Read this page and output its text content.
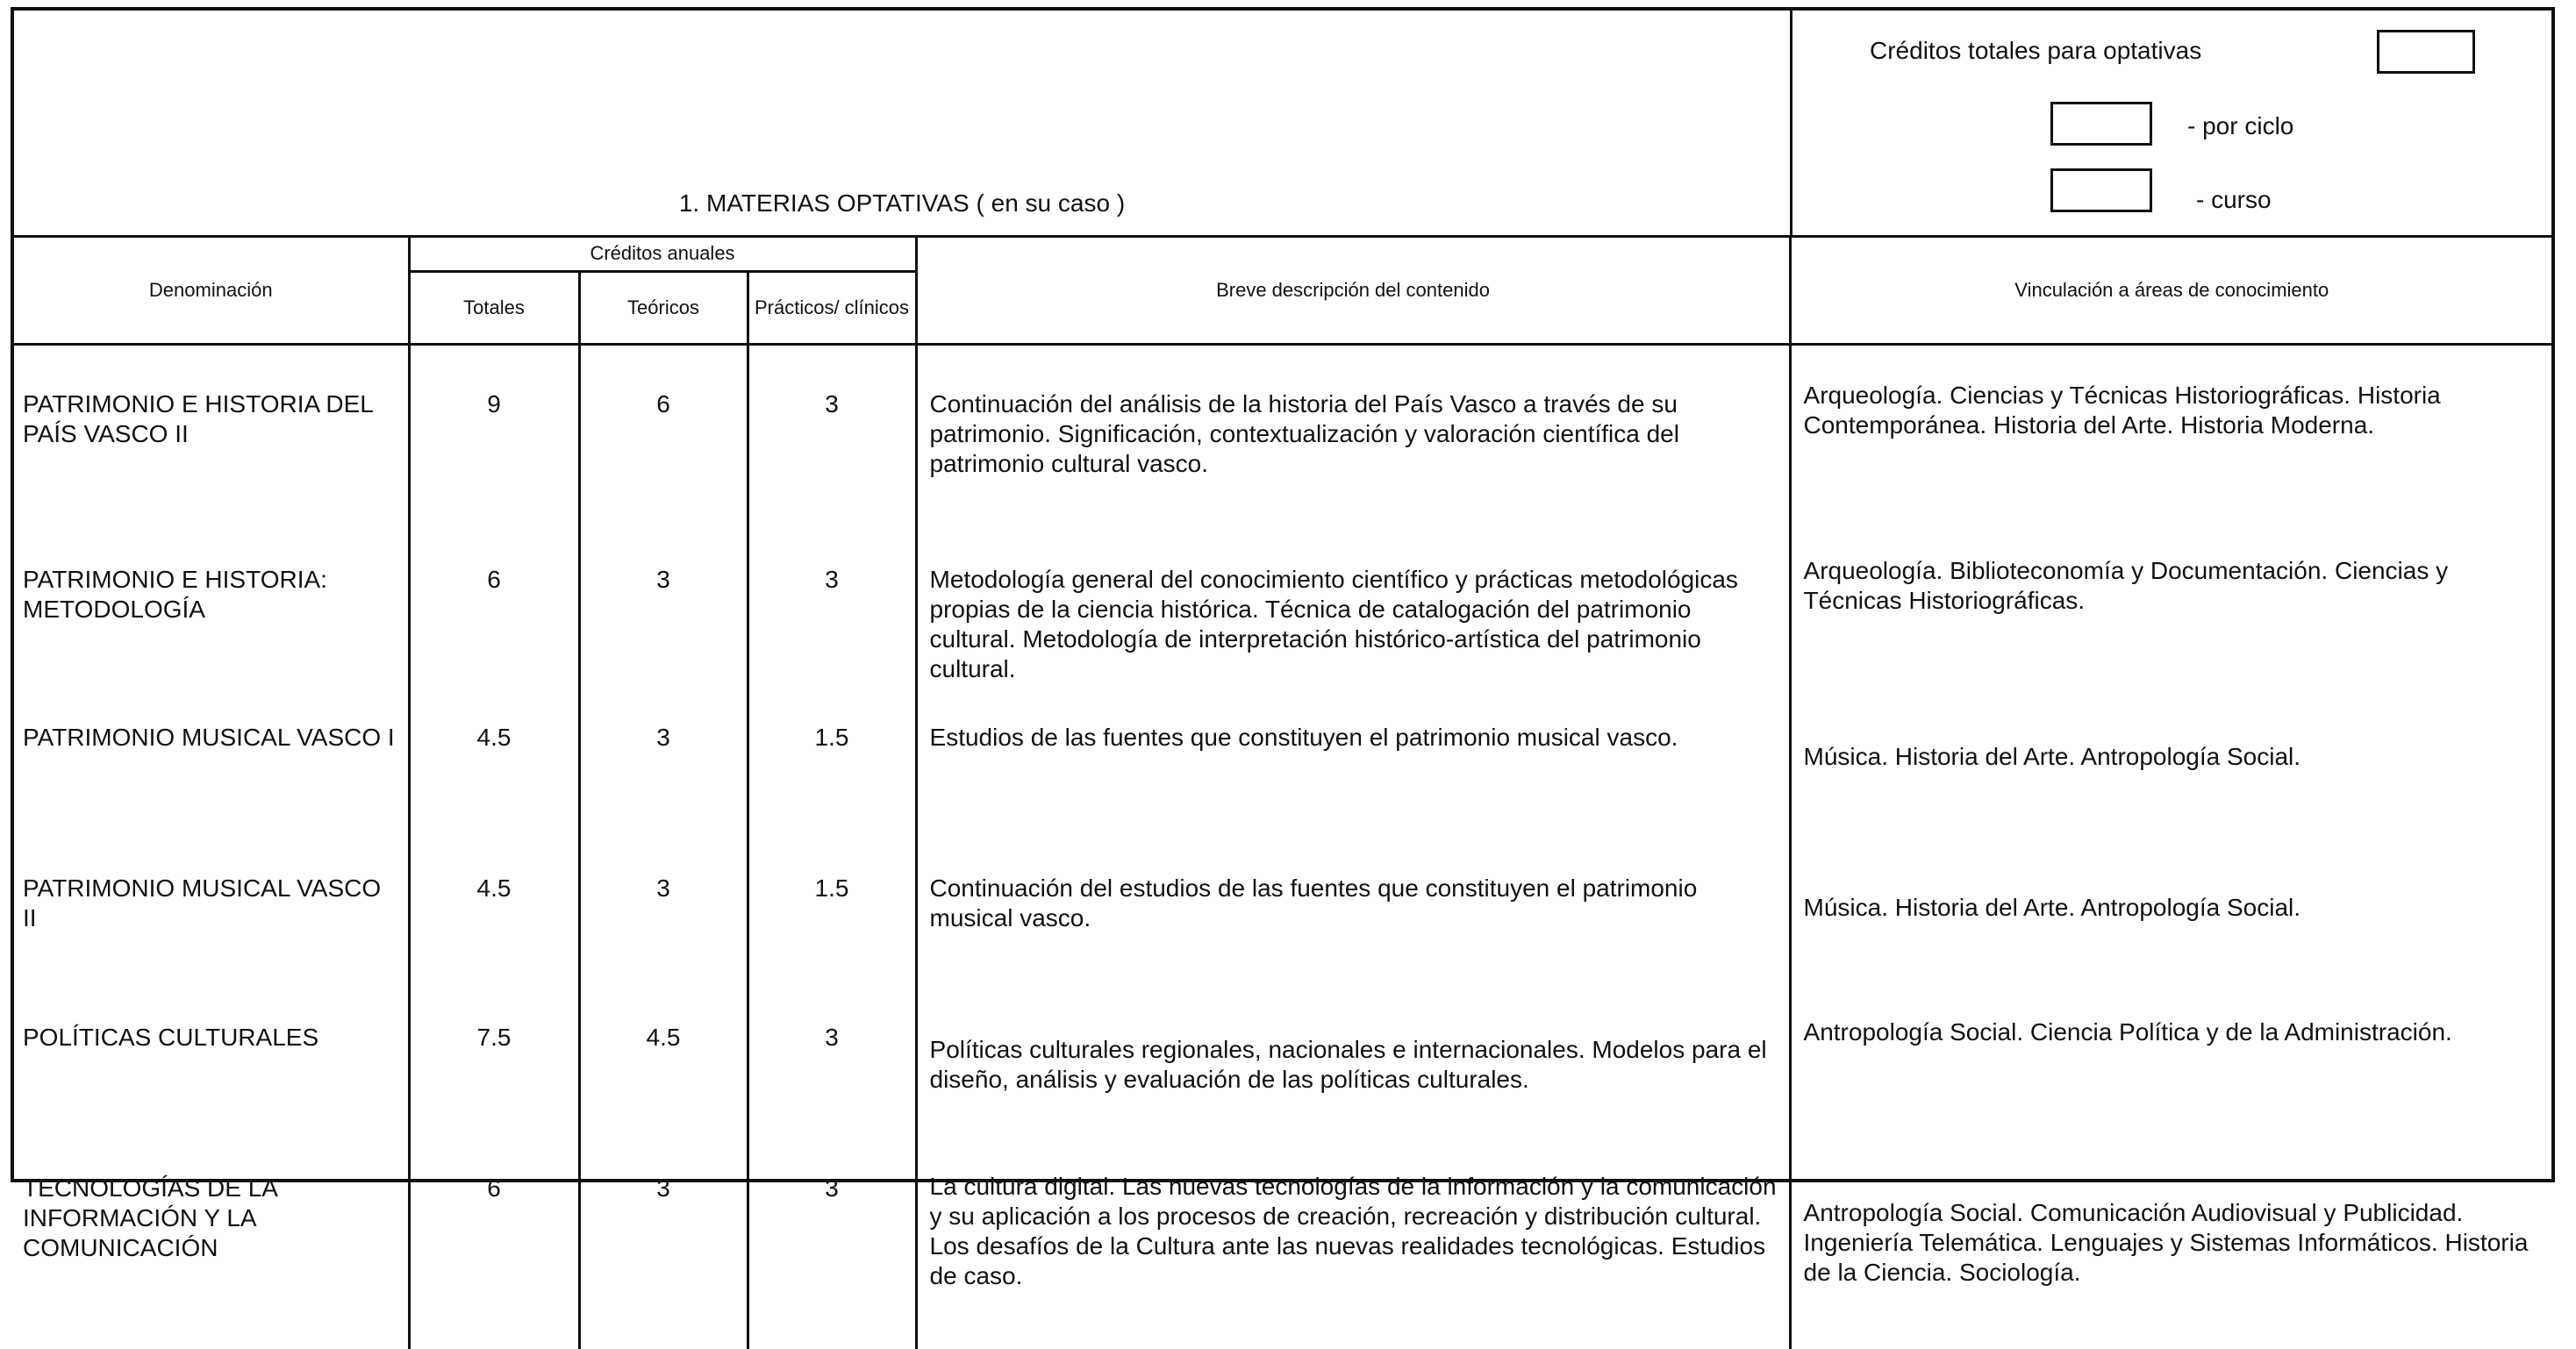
1. MATERIAS OPTATIVAS ( en su caso )
Créditos totales para optativas
- por ciclo
- curso
Denominación	Créditos anuales			Breve descripción del contenido	Vinculación a áreas de conocimiento
	Totales	Teóricos	Prácticos/ clínicos		
PATRIMONIO E HISTORIA DEL PAÍS VASCO II	9	6	3	Continuación del análisis de la historia del País Vasco a través de su patrimonio. Significación, contextualización y valoración científica del patrimonio cultural vasco.	Arqueología. Ciencias y Técnicas Historiográficas. Historia Contemporánea. Historia del Arte. Historia Moderna.
PATRIMONIO E HISTORIA: METODOLOGÍA	6	3	3	Metodología general del conocimiento científico y prácticas metodológicas propias de la ciencia histórica. Técnica de catalogación del patrimonio cultural. Metodología de interpretación histórico-artística del patrimonio cultural.	Arqueología. Biblioteconomía y Documentación. Ciencias y Técnicas Historiográficas.
PATRIMONIO MUSICAL VASCO I	4.5	3	1.5	Estudios de las fuentes que constituyen el patrimonio musical vasco.	Música. Historia del Arte. Antropología Social.
PATRIMONIO MUSICAL VASCO II	4.5	3	1.5	Continuación del estudios de las fuentes que constituyen el patrimonio musical vasco.	Música. Historia del Arte. Antropología Social.
POLÍTICAS CULTURALES	7.5	4.5	3	Políticas culturales regionales, nacionales e internacionales. Modelos para el diseño, análisis y evaluación de las políticas culturales.	Antropología Social. Ciencia Política y de la Administración.
TECNOLOGÍAS DE LA INFORMACIÓN Y LA COMUNICACIÓN	6	3	3	La cultura digital. Las nuevas tecnologías de la información y la comunicación y su aplicación a los procesos de creación, recreación y distribución cultural. Los desafíos de la Cultura ante las nuevas realidades tecnológicas. Estudios de caso.	Antropología Social. Comunicación Audiovisual y Publicidad. Ingeniería Telemática. Lenguajes y Sistemas Informáticos. Historia de la Ciencia. Sociología.
